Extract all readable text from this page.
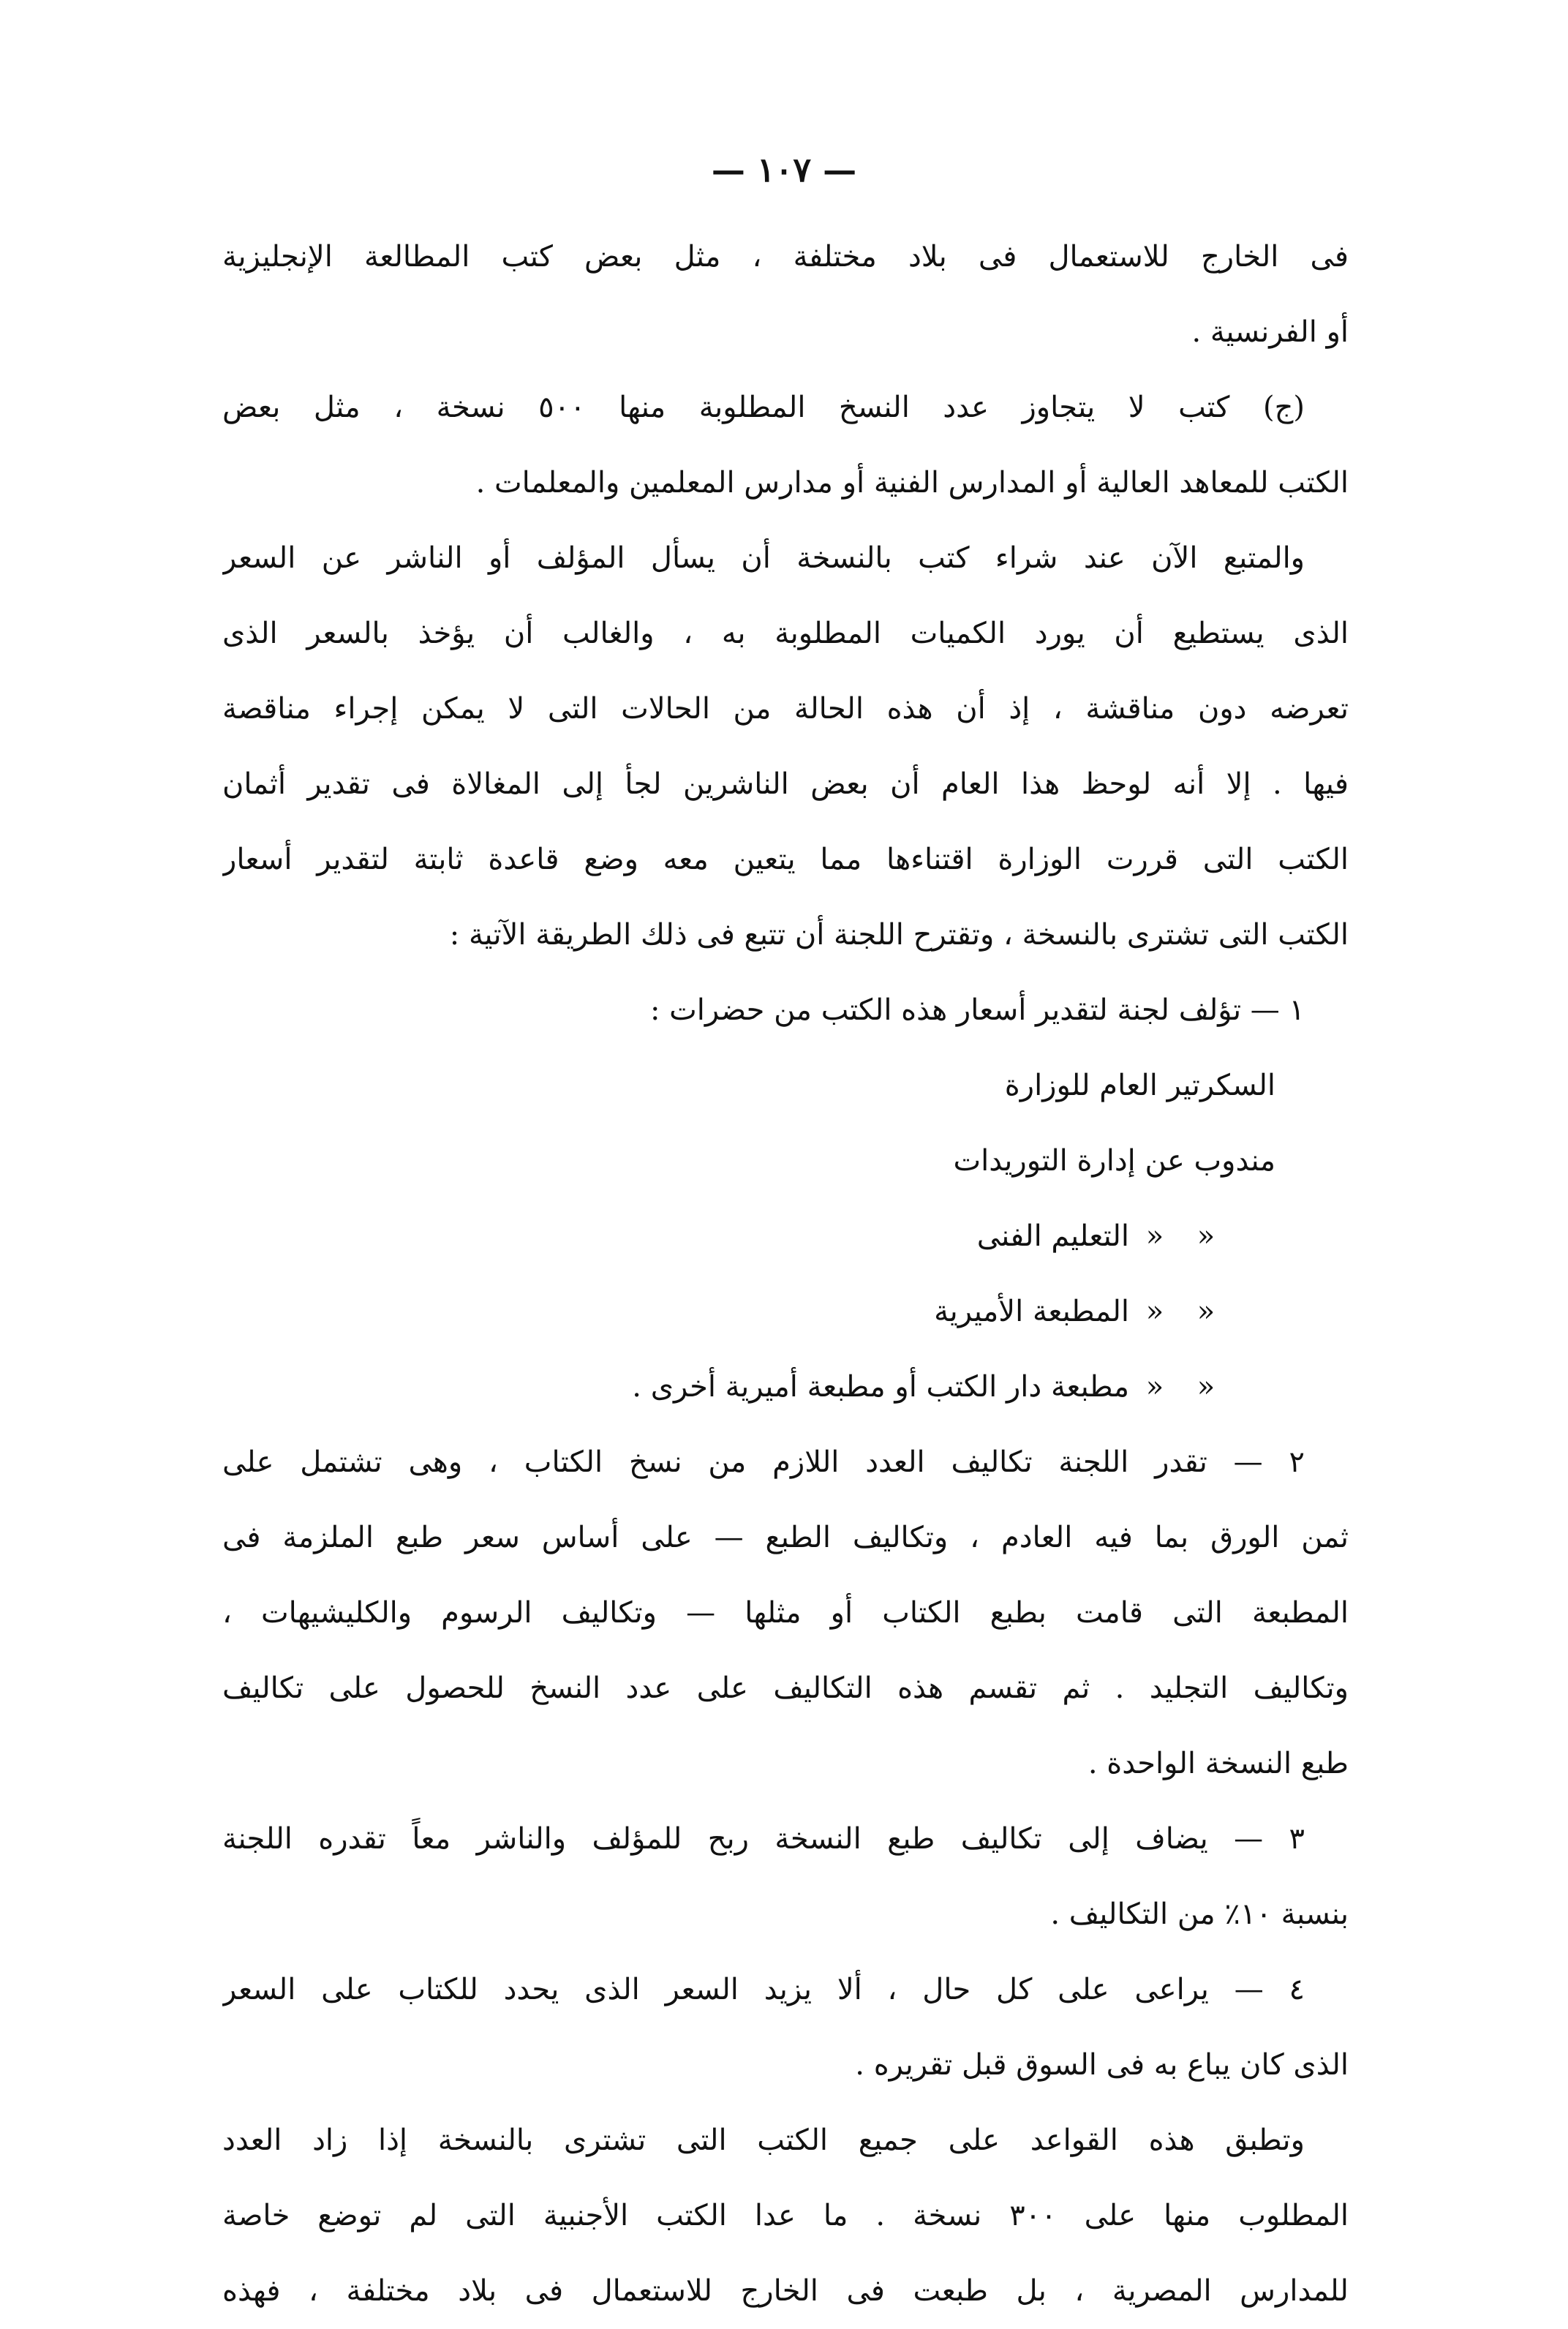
— ١٠٧ —
فى الخارج للاستعمال فى بلاد مختلفة ، مثل بعض كتب المطالعة الإنجليزية
أو الفرنسية .
(ج) كتب لا يتجاوز عدد النسخ المطلوبة منها ٥٠٠ نسخة ، مثل بعض
الكتب للمعاهد العالية أو المدارس الفنية أو مدارس المعلمين والمعلمات .
والمتبع الآن عند شراء كتب بالنسخة أن يسأل المؤلف أو الناشر عن السعر
الذى يستطيع أن يورد الكميات المطلوبة به ، والغالب أن يؤخذ بالسعر الذى
تعرضه دون مناقشة ، إذ أن هذه الحالة من الحالات التى لا يمكن إجراء مناقصة
فيها . إلا أنه لوحظ هذا العام أن بعض الناشرين لجأ إلى المغالاة فى تقدير أثمان
الكتب التى قررت الوزارة اقتناءها مما يتعين معه وضع قاعدة ثابتة لتقدير أسعار
الكتب التى تشترى بالنسخة ، وتقترح اللجنة أن تتبع فى ذلك الطريقة الآتية :
١ — تؤلف لجنة لتقدير أسعار هذه الكتب من حضرات :
السكرتير العام للوزارة
مندوب عن إدارة التوريدات
«
«
التعليم الفنى
«
«
المطبعة الأميرية
«
«
مطبعة دار الكتب أو مطبعة أميرية أخرى .
٢ — تقدر اللجنة تكاليف العدد اللازم من نسخ الكتاب ، وهى تشتمل على
ثمن الورق بما فيه العادم ، وتكاليف الطبع — على أساس سعر طبع الملزمة فى
المطبعة التى قامت بطبع الكتاب أو مثلها — وتكاليف الرسوم والكليشيهات ،
وتكاليف التجليد . ثم تقسم هذه التكاليف على عدد النسخ للحصول على تكاليف
طبع النسخة الواحدة .
٣ — يضاف إلى تكاليف طبع النسخة ربح للمؤلف والناشر معاً تقدره اللجنة
بنسبة ١٠٪ من التكاليف .
٤ — يراعى على كل حال ، ألا يزيد السعر الذى يحدد للكتاب على السعر
الذى كان يباع به فى السوق قبل تقريره .
وتطبق هذه القواعد على جميع الكتب التى تشترى بالنسخة إذا زاد العدد
المطلوب منها على ٣٠٠ نسخة . ما عدا الكتب الأجنبية التى لم توضع خاصة
للمدارس المصرية ، بل طبعت فى الخارج للاستعمال فى بلاد مختلفة ، فهذه
